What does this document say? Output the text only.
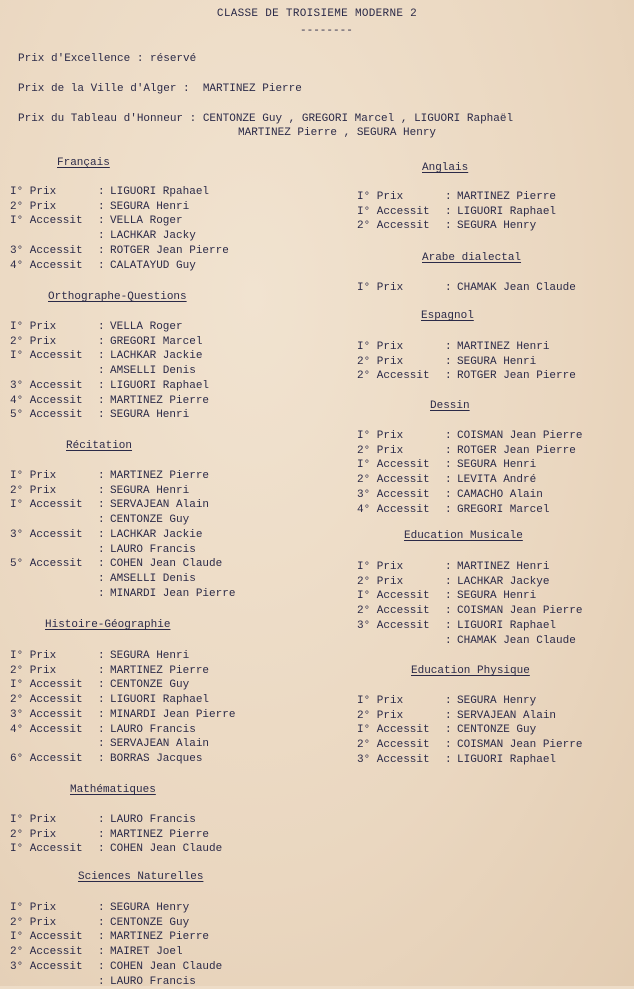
CLASSE DE TROISIEME MODERNE 2
--------
Prix d'Excellence : réservé
Prix de la Ville d'Alger :  MARTINEZ Pierre
Prix du Tableau d'Honneur : CENTONZE Guy , GREGORI Marcel , LIGUORI Raphaël
MARTINEZ Pierre , SEGURA Henry
Français
I° Prix	: LIGUORI Rpahael
2° Prix	: SEGURA Henri
I° Accessit : VELLA Roger
: LACHKAR Jacky
3° Accessit : ROTGER Jean Pierre
4° Accessit : CALATAYUD Guy
Orthographe-Questions
I° Prix	: VELLA Roger
2° Prix	: GREGORI Marcel
I° Accessit : LACHKAR Jackie
: AMSELLI Denis
3° Accessit : LIGUORI Raphael
4° Accessit : MARTINEZ Pierre
5° Accessit : SEGURA Henri
Récitation
I° Prix	: MARTINEZ Pierre
2° Prix	: SEGURA Henri
I° Accessit : SERVAJEAN Alain
: CENTONZE Guy
3° Accessit : LACHKAR Jackie
: LAURO Francis
5° Accessit : COHEN Jean Claude
: AMSELLI Denis
: MINARDI Jean Pierre
Histoire-Géographie
I° Prix	: SEGURA Henri
2° Prix	: MARTINEZ Pierre
I° Accessit : CENTONZE Guy
2° Accessit : LIGUORI Raphael
3° Accessit : MINARDI Jean Pierre
4° Accessit : LAURO Francis
: SERVAJEAN Alain
6° Accessit : BORRAS Jacques
Mathématiques
I° Prix	: LAURO Francis
2° Prix	: MARTINEZ Pierre
I° Accessit : COHEN Jean Claude
Sciences Naturelles
I° Prix	: SEGURA Henry
2° Prix	: CENTONZE Guy
I° Accessit : MARTINEZ Pierre
2° Accessit : MAIRET Joel
3° Accessit : COHEN Jean Claude
: LAURO Francis
Anglais
I° Prix	: MARTINEZ Pierre
I° Accessit : LIGUORI Raphael
2° Accessit : SEGURA Henry
Arabe dialectal
I° Prix	: CHAMAK Jean Claude
Espagnol
I° Prix	: MARTINEZ Henri
2° Prix	: SEGURA Henri
2° Accessit : ROTGER Jean Pierre
Dessin
I° Prix	: COISMAN Jean Pierre
2° Prix	: ROTGER Jean Pierre
I° Accessit : SEGURA Henri
2° Accessit : LEVITA André
3° Accessit : CAMACHO Alain
4° Accessit : GREGORI Marcel
Education Musicale
I° Prix	: MARTINEZ Henri
2° Prix	: LACHKAR Jackye
I° Accessit : SEGURA Henri
2° Accessit : COISMAN Jean Pierre
3° Accessit : LIGUORI Raphael
: CHAMAK Jean Claude
Education Physique
I° Prix	: SEGURA Henry
2° Prix	: SERVAJEAN Alain
I° Accessit : CENTONZE Guy
2° Accessit : COISMAN Jean Pierre
3° Accessit : LIGUORI Raphael
